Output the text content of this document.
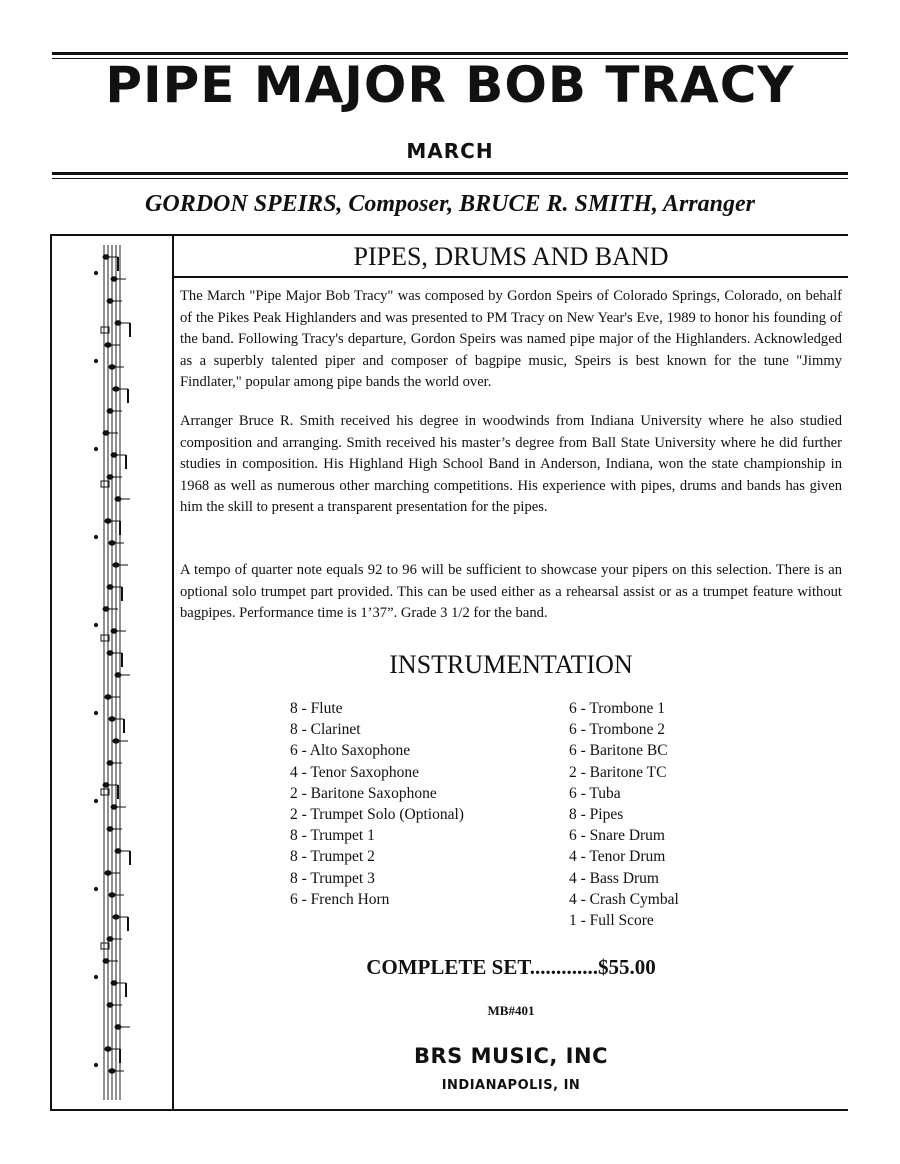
PIPE MAJOR BOB TRACY
MARCH
GORDON SPEIRS, Composer, BRUCE R. SMITH, Arranger
PIPES, DRUMS AND BAND

The March "Pipe Major Bob Tracy" was composed by Gordon Speirs of Colorado Springs, Colorado, on behalf of the Pikes Peak Highlanders and was presented to PM Tracy on New Year's Eve, 1989 to honor his founding of the band. Following Tracy's departure, Gordon Speirs was named pipe major of the Highlanders. Acknowledged as a superbly talented piper and composer of bagpipe music, Speirs is best known for the tune "Jimmy Findlater," popular among pipe bands the world over.

Arranger Bruce R. Smith received his degree in woodwinds from Indiana University where he also studied composition and arranging. Smith received his master’s degree from Ball State University where he did further studies in composition. His Highland High School Band in Anderson, Indiana, won the state championship in 1968 as well as numerous other marching competitions. His experience with pipes, drums and bands has given him the skill to present a transparent presentation for the pipes.

A tempo of quarter note equals 92 to 96 will be sufficient to showcase your pipers on this selection. There is an optional solo trumpet part provided. This can be used either as a rehearsal assist or as a trumpet feature without bagpipes. Performance time is 1’37”. Grade 3 1/2 for the band.

INSTRUMENTATION
8 - Flute
8 - Clarinet
6 - Alto Saxophone
4 - Tenor Saxophone
2 - Baritone Saxophone
2 - Trumpet Solo (Optional)
8 - Trumpet 1
8 - Trumpet 2
8 - Trumpet 3
6 - French Horn
6 - Trombone 1
6 - Trombone 2
6 - Baritone BC
2 - Baritone TC
6 - Tuba
8 - Pipes
6 - Snare Drum
4 - Tenor Drum
4 - Bass Drum
4 - Crash Cymbal
1 - Full Score
COMPLETE SET.............$55.00
MB#401
BRS MUSIC, INC
INDIANAPOLIS, IN
